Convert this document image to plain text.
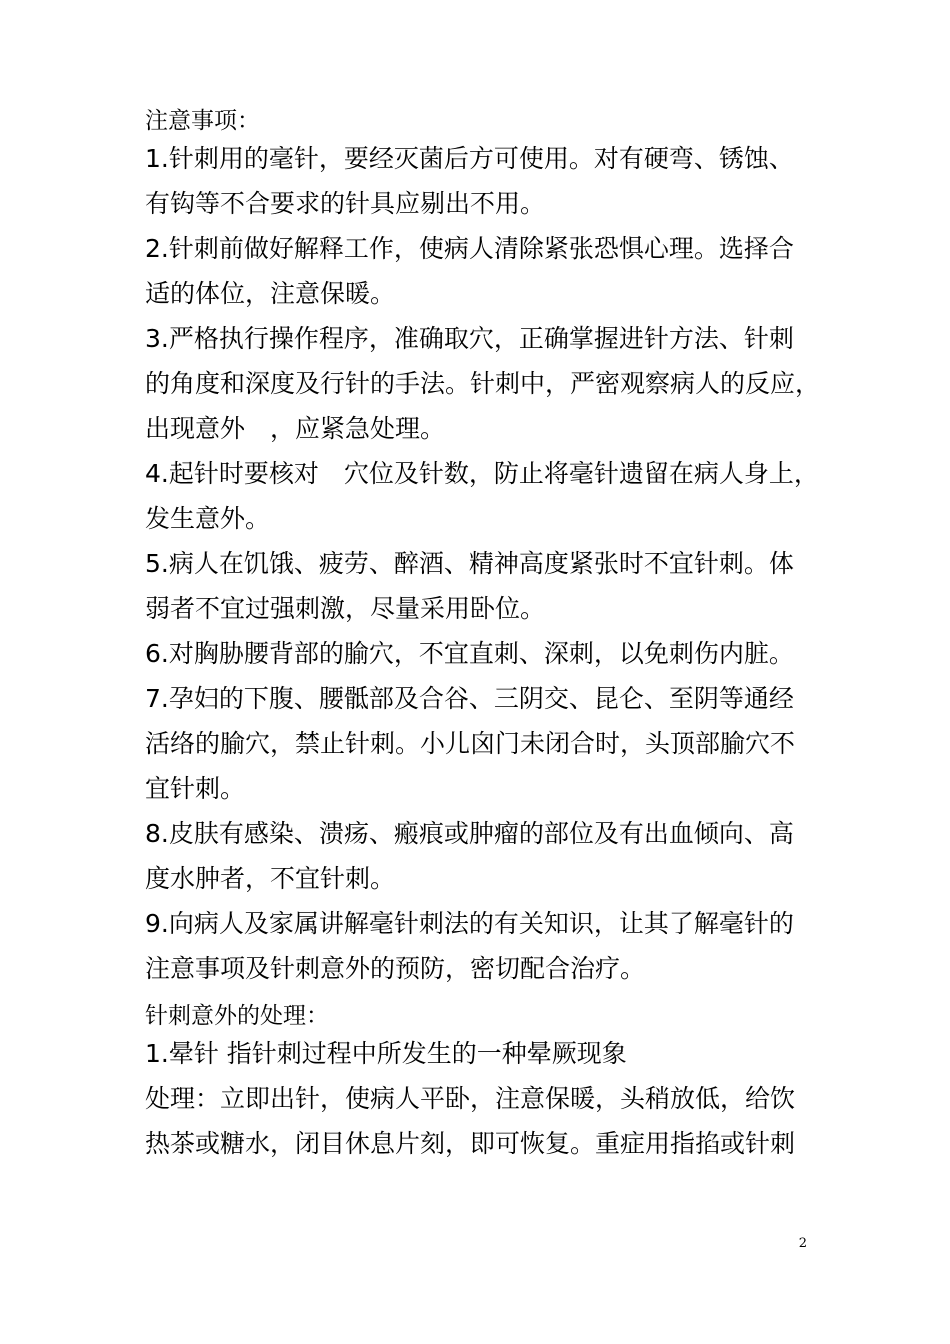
注意事项：
1.针刺用的毫针，要经灭菌后方可使用。对有硬弯、锈蚀、
有钩等不合要求的针具应剔出不用。
2.针刺前做好解释工作，使病人清除紧张恐惧心理。选择合
适的体位，注意保暖。
3.严格执行操作程序，准确取穴，正确掌握进针方法、针刺
的角度和深度及行针的手法。针刺中，严密观察病人的反应，
出现意外　，应紧急处理。
4.起针时要核对　穴位及针数，防止将毫针遗留在病人身上，
发生意外。
5.病人在饥饿、疲劳、醉酒、精神高度紧张时不宜针刺。体
弱者不宜过强刺激，尽量采用卧位。
6.对胸胁腰背部的腧穴，不宜直刺、深刺，以免刺伤内脏。
7.孕妇的下腹、腰骶部及合谷、三阴交、昆仑、至阴等通经
活络的腧穴，禁止针刺。小儿囟门未闭合时，头顶部腧穴不
宜针刺。
8.皮肤有感染、溃疡、瘢痕或肿瘤的部位及有出血倾向、高
度水肿者，不宜针刺。
9.向病人及家属讲解毫针刺法的有关知识，让其了解毫针的
注意事项及针刺意外的预防，密切配合治疗。
针刺意外的处理：
1.晕针 指针刺过程中所发生的一种晕厥现象
处理：立即出针，使病人平卧，注意保暖，头稍放低，给饮
热茶或糖水，闭目休息片刻，即可恢复。重症用指掐或针刺
2
